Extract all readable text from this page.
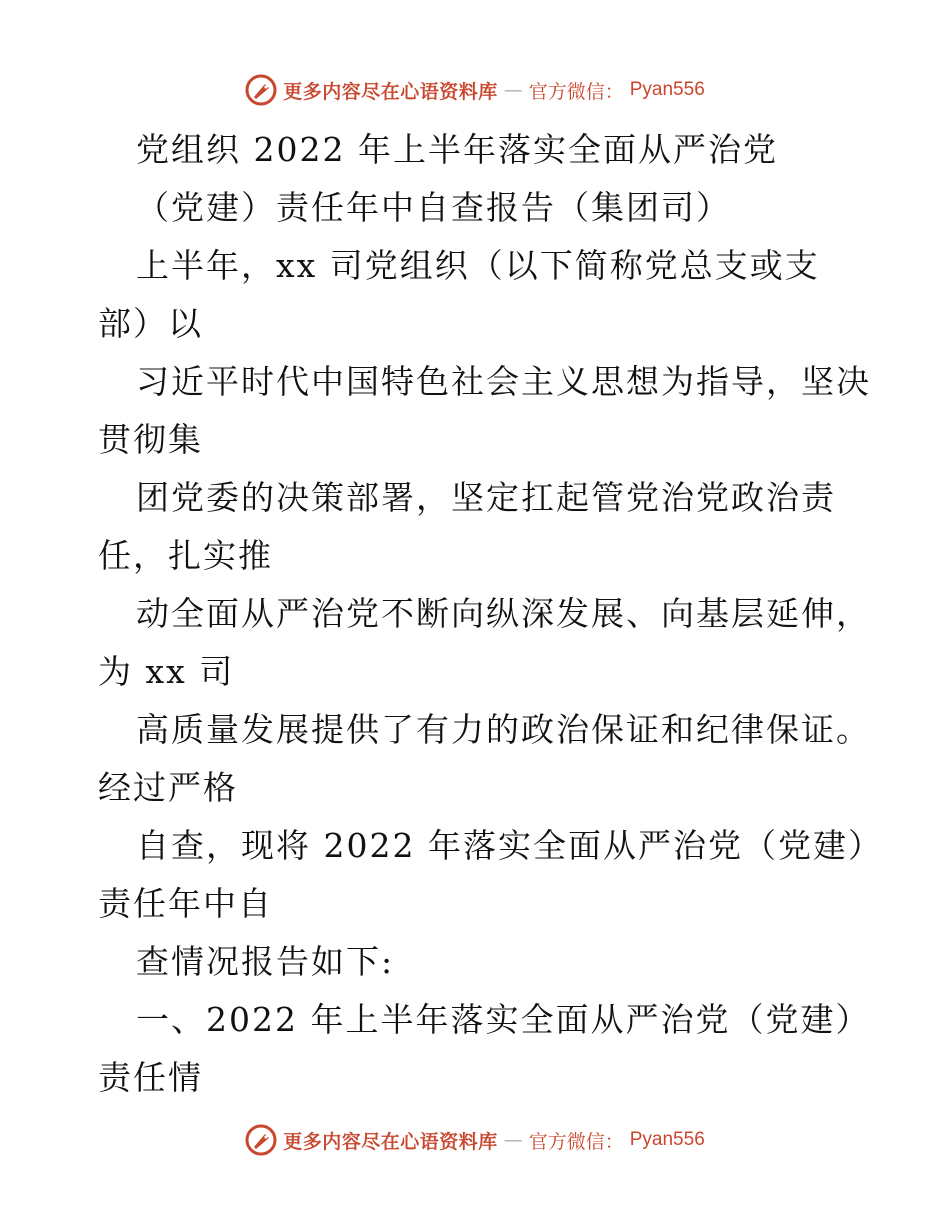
更多内容尽在心语资料库 — 官方微信： Pyan556
党组织 2022 年上半年落实全面从严治党
（党建）责任年中自查报告（集团司）
上半年，xx 司党组织（以下简称党总支或支
部）以
习近平时代中国特色社会主义思想为指导，坚决
贯彻集
团党委的决策部署，坚定扛起管党治党政治责
任，扎实推
动全面从严治党不断向纵深发展、向基层延伸，
为 xx 司
高质量发展提供了有力的政治保证和纪律保证。
经过严格
自查，现将 2022 年落实全面从严治党（党建）
责任年中自
查情况报告如下:
一、2022 年上半年落实全面从严治党（党建）
责任情
更多内容尽在心语资料库 — 官方微信： Pyan556
